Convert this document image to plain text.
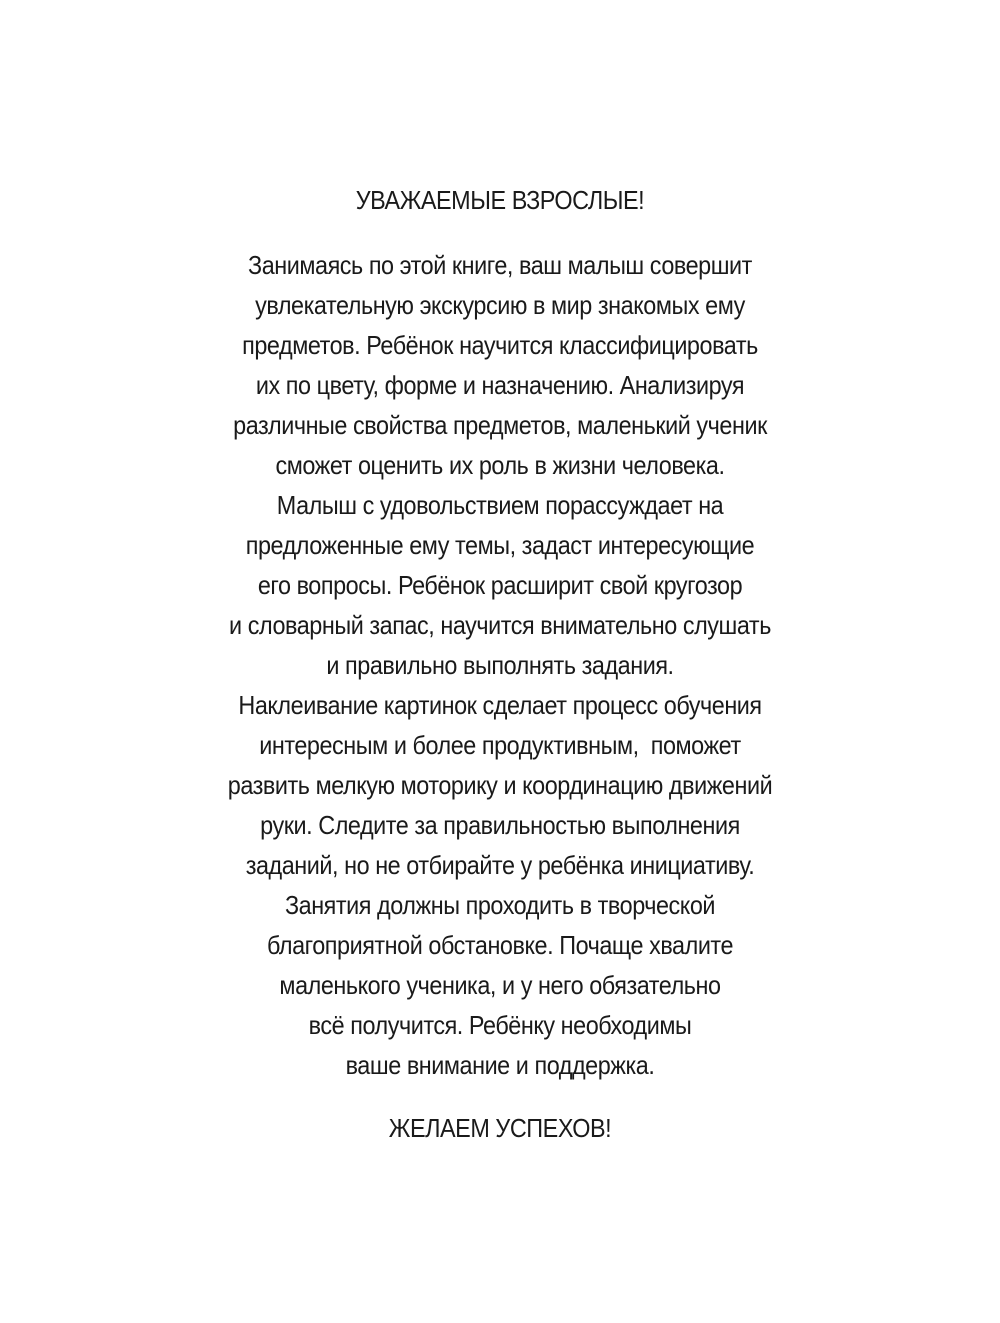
УВАЖАЕМЫЕ ВЗРОСЛЫЕ!
Занимаясь по этой книге, ваш малыш совершит
увлекательную экскурсию в мир знакомых ему
предметов. Ребёнок научится классифицировать
их по цвету, форме и назначению. Анализируя
различные свойства предметов, маленький ученик
сможет оценить их роль в жизни человека.
Малыш с удовольствием порассуждает на
предложенные ему темы, задаст интересующие
его вопросы. Ребёнок расширит свой кругозор
и словарный запас, научится внимательно слушать
и правильно выполнять задания.
Наклеивание картинок сделает процесс обучения
интересным и более продуктивным,  поможет
развить мелкую моторику и координацию движений
руки. Следите за правильностью выполнения
заданий, но не отбирайте у ребёнка инициативу.
Занятия должны проходить в творческой
благоприятной обстановке. Почаще хвалите
маленького ученика, и у него обязательно
всё получится. Ребёнку необходимы
ваше внимание и поддержка.
ЖЕЛАЕМ УСПЕХОВ!
